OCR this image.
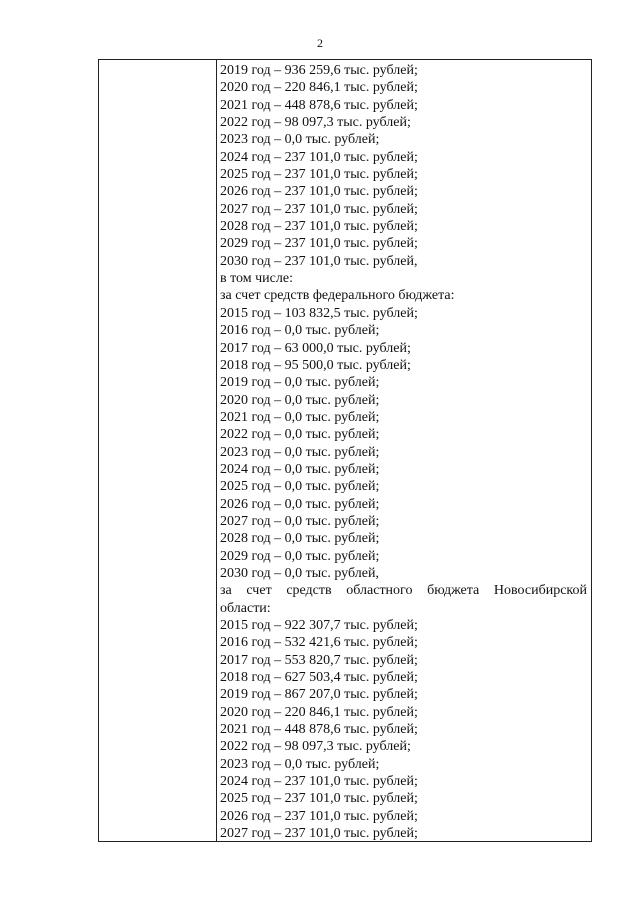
2
2019 год – 936 259,6 тыс. рублей;
2020 год – 220 846,1 тыс. рублей;
2021 год – 448 878,6 тыс. рублей;
2022 год – 98 097,3 тыс. рублей;
2023 год – 0,0 тыс. рублей;
2024 год – 237 101,0 тыс. рублей;
2025 год – 237 101,0 тыс. рублей;
2026 год – 237 101,0 тыс. рублей;
2027 год – 237 101,0 тыс. рублей;
2028 год – 237 101,0 тыс. рублей;
2029 год – 237 101,0 тыс. рублей;
2030 год – 237 101,0 тыс. рублей,
в том числе:
за счет средств федерального бюджета:
2015 год – 103 832,5 тыс. рублей;
2016 год – 0,0 тыс. рублей;
2017 год – 63 000,0 тыс. рублей;
2018 год – 95 500,0 тыс. рублей;
2019 год – 0,0 тыс. рублей;
2020 год – 0,0 тыс. рублей;
2021 год – 0,0 тыс. рублей;
2022 год – 0,0 тыс. рублей;
2023 год – 0,0 тыс. рублей;
2024 год – 0,0 тыс. рублей;
2025 год – 0,0 тыс. рублей;
2026 год – 0,0 тыс. рублей;
2027 год – 0,0 тыс. рублей;
2028 год – 0,0 тыс. рублей;
2029 год – 0,0 тыс. рублей;
2030 год – 0,0 тыс. рублей,
за счет средств областного бюджета Новосибирской
области:
2015 год – 922 307,7 тыс. рублей;
2016 год – 532 421,6 тыс. рублей;
2017 год – 553 820,7 тыс. рублей;
2018 год – 627 503,4 тыс. рублей;
2019 год – 867 207,0 тыс. рублей;
2020 год – 220 846,1 тыс. рублей;
2021 год – 448 878,6 тыс. рублей;
2022 год – 98 097,3 тыс. рублей;
2023 год – 0,0 тыс. рублей;
2024 год – 237 101,0 тыс. рублей;
2025 год – 237 101,0 тыс. рублей;
2026 год – 237 101,0 тыс. рублей;
2027 год – 237 101,0 тыс. рублей;
